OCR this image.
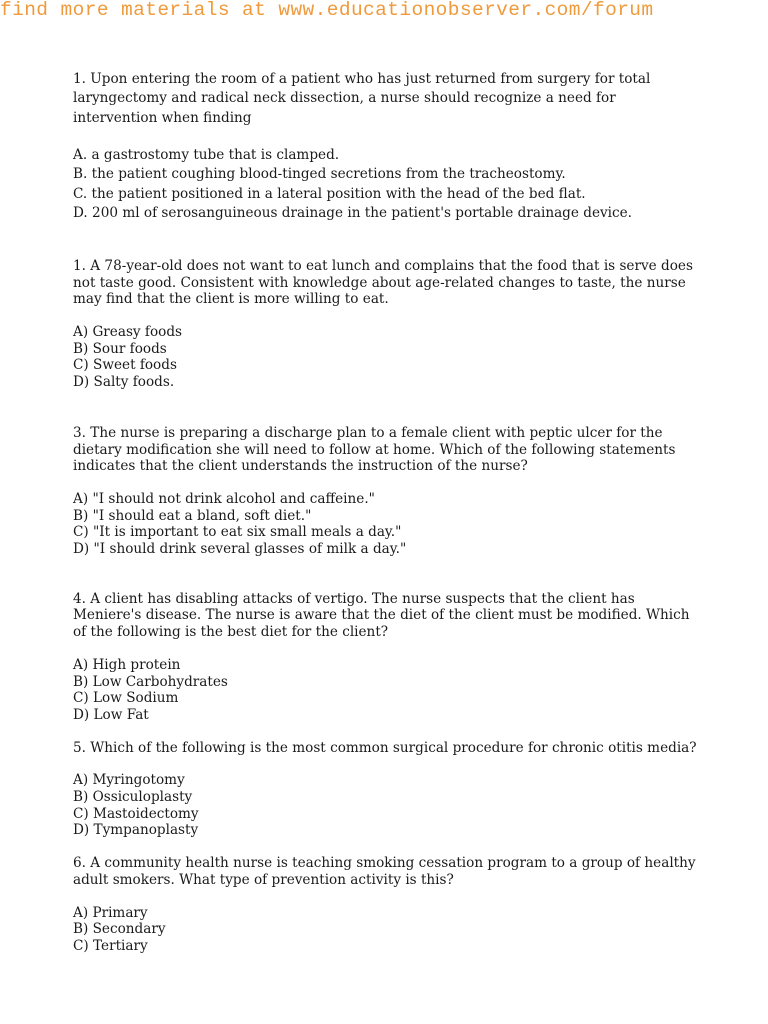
find more materials at www.educationobserver.com/forum

1. Upon entering the room of a patient who has just returned from surgery for total laryngectomy and radical neck dissection, a nurse should recognize a need for intervention when finding

A. a gastrostomy tube that is clamped.
B. the patient coughing blood-tinged secretions from the tracheostomy.
C. the patient positioned in a lateral position with the head of the bed flat.
D. 200 ml of serosanguineous drainage in the patient's portable drainage device.

1. A 78-year-old does not want to eat lunch and complains that the food that is serve does not taste good. Consistent with knowledge about age-related changes to taste, the nurse may find that the client is more willing to eat.

A) Greasy foods
B) Sour foods
C) Sweet foods
D) Salty foods.

3. The nurse is preparing a discharge plan to a female client with peptic ulcer for the dietary modification she will need to follow at home. Which of the following statements indicates that the client understands the instruction of the nurse?

A) "I should not drink alcohol and caffeine."
B) "I should eat a bland, soft diet."
C) "It is important to eat six small meals a day."
D) "I should drink several glasses of milk a day."

4. A client has disabling attacks of vertigo. The nurse suspects that the client has Meniere's disease. The nurse is aware that the diet of the client must be modified. Which of the following is the best diet for the client?

A) High protein
B) Low Carbohydrates
C) Low Sodium
D) Low Fat

5. Which of the following is the most common surgical procedure for chronic otitis media?

A) Myringotomy
B) Ossiculoplasty
C) Mastoidectomy
D) Tympanoplasty

6. A community health nurse is teaching smoking cessation program to a group of healthy adult smokers. What type of prevention activity is this?

A) Primary
B) Secondary
C) Tertiary
